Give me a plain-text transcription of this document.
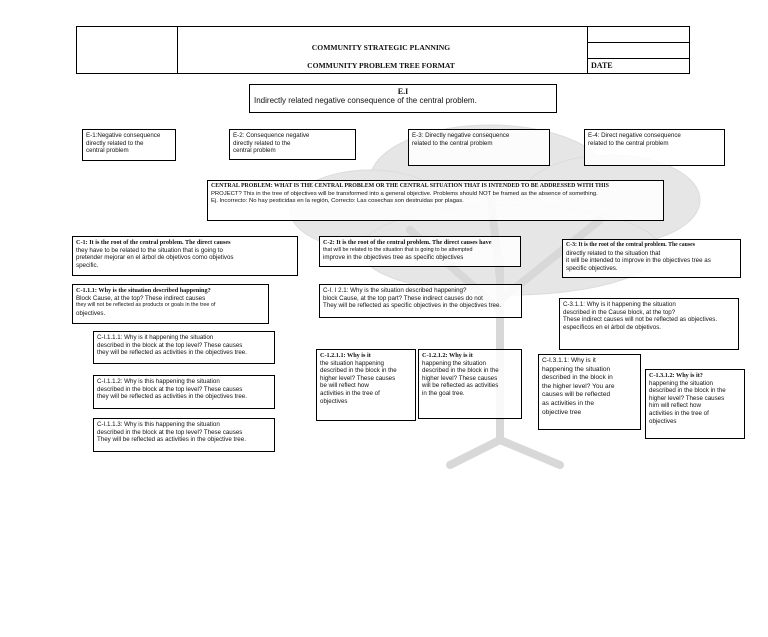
COMMUNITY STRATEGIC PLANNING
COMMUNITY PROBLEM TREE FORMAT	DATE
E.I
Indirectly related negative consequence of the central problem.
E-1:Negative consequence
directly related to the
central problem
E-2: Consequence negative
directly related to the
central problem
E-3: Directly negative consequence
related to the central problem
E-4: Direct negative consequence
related to the central problem
CENTRAL PROBLEM: WHAT IS THE CENTRAL PROBLEM OR THE CENTRAL SITUATION THAT IS INTENDED TO BE ADDRESSED WITH THIS
PROJECT? This in the tree of objectives will be transformed into a general objective. Problems should NOT be framed as the absence of something.
Ej. Incorrecto: No hay pesticidas en la región, Correcto: Las cosechas son destruidas por plagas.
C-1: It is the root of the central problem. The direct causes
they have to be related to the situation that is going to
pretender mejorar en el árbol de objetivos como objetivos
specific.
C-2: It is the root of the central problem. The direct causes have
that will be related to the situation that is going to be attempted
improve in the objectives tree as specific objectives
C-3: It is the root of the central problem. The causes
directly related to the situation that
it will be intended to improve in the objectives tree as
specific objectives.
C-1.1.1: Why is the situation described happening?
Block Cause, at the top? These indirect causes
they will not be reflected as products or goals in the tree of
objectives.
C-I. I 2.1: Why is the situation described happening?
block Cause, at the top part? These indirect causes do not
They will be reflected as specific objectives in the objectives tree.	C-3.1.1: Why is it happening the situation
described in the Cause block, at the top?
These indirect causes will not be reflected as objectives.
específicos en el árbol de objetivos.
C-I.1.1.1: Why is it happening the situation
described in the block at the top level? These causes
they will be reflected as activities in the objectives tree.
C-I.1.1.2: Why is this happening the situation
described in the block at the top level? These causes
they will be reflected as activities in the objectives tree.
C-I.1.1.3: Why is this happening the situation
described in the block at the top level? These causes
They will be reflected as activities in the objective tree.
C-1.2.1.1: Why is it
the situation happening
described in the block in the
higher level? These causes
be will reflect how
activities in the tree of
objectives
C-1.2.1.2: Why is it
happening the situation
described in the block in the
higher level? These causes
will be reflected as activities
in the goal tree.
C-I.3.1.1: Why is it
happening the situation
described in the block in
the higher level? You are
causes will be reflected
as activities in the
objective tree
C-1.3.1.2: Why is it?
happening the situation
described in the block in the
higher level? These causes
him will reflect how
activities in the tree of
objectives
